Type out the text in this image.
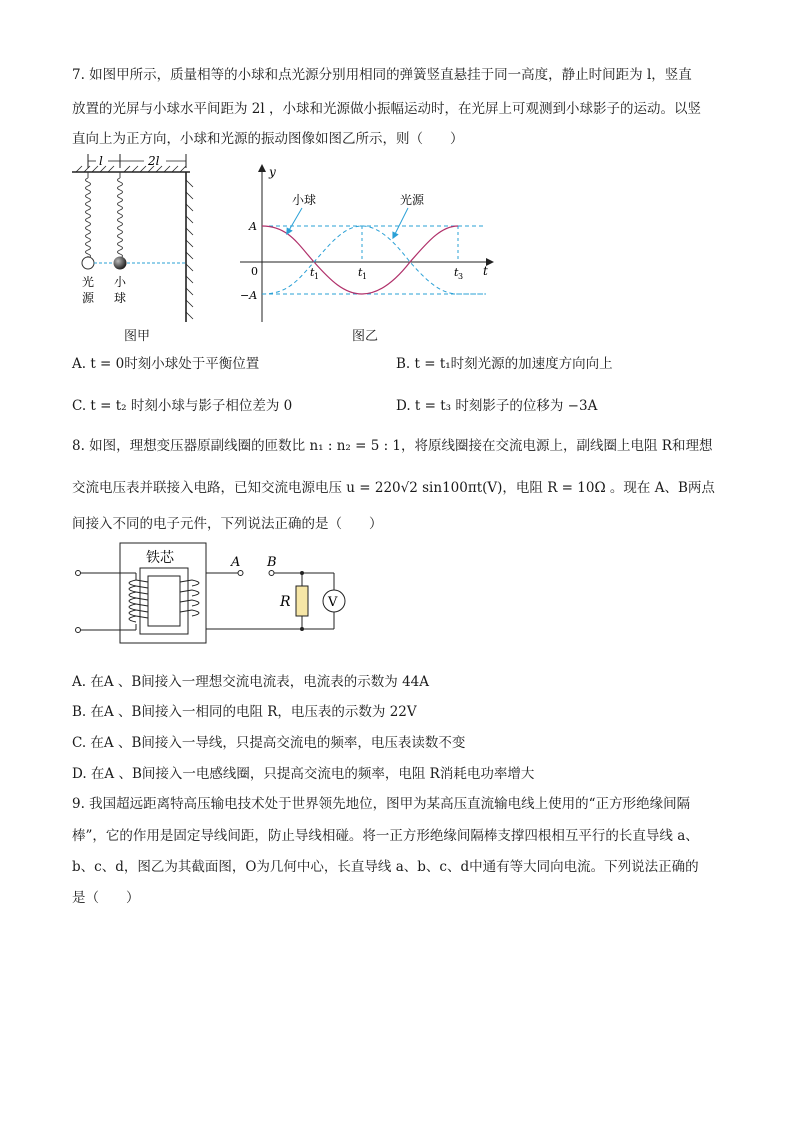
7. 如图甲所示，质量相等的小球和点光源分别用相同的弹簧竖直悬挂于同一高度，静止时间距为 l，竖直
放置的光屏与小球水平间距为 2l ，小球和光源做小振幅运动时，在光屏上可观测到小球影子的运动。以竖
直向上为正方向，小球和光源的振动图像如图乙所示，则（　　）
l	2l
光
源
小
球
图甲
y
t
0
A
−A
t 1	t 1	t 3
小球	光源
图乙
A. t = 0时刻小球处于平衡位置	B. t = t₁时刻光源的加速度方向向上
C. t = t₂ 时刻小球与影子相位差为 0	D. t = t₃ 时刻影子的位移为 −3A
8. 如图，理想变压器原副线圈的匝数比 n₁ : n₂ = 5 : 1，将原线圈接在交流电源上，副线圈上电阻 R和理想
交流电压表并联接入电路，已知交流电源电压 u = 220√2 sin100πt(V)，电阻 R = 10Ω 。现在 A、B两点
间接入不同的电子元件，下列说法正确的是（　　）
铁芯	A B
R	V
A. 在A 、B间接入一理想交流电流表，电流表的示数为 44A
B. 在A 、B间接入一相同的电阻 R，电压表的示数为 22V
C. 在A 、B间接入一导线，只提高交流电的频率，电压表读数不变
D. 在A 、B间接入一电感线圈，只提高交流电的频率，电阻 R消耗电功率增大
9. 我国超远距离特高压输电技术处于世界领先地位，图甲为某高压直流输电线上使用的“正方形绝缘间隔
棒”，它的作用是固定导线间距，防止导线相碰。将一正方形绝缘间隔棒支撑四根相互平行的长直导线 a、
b、c、d，图乙为其截面图，O为几何中心，长直导线 a、b、c、d中通有等大同向电流。下列说法正确的
是（　　）
